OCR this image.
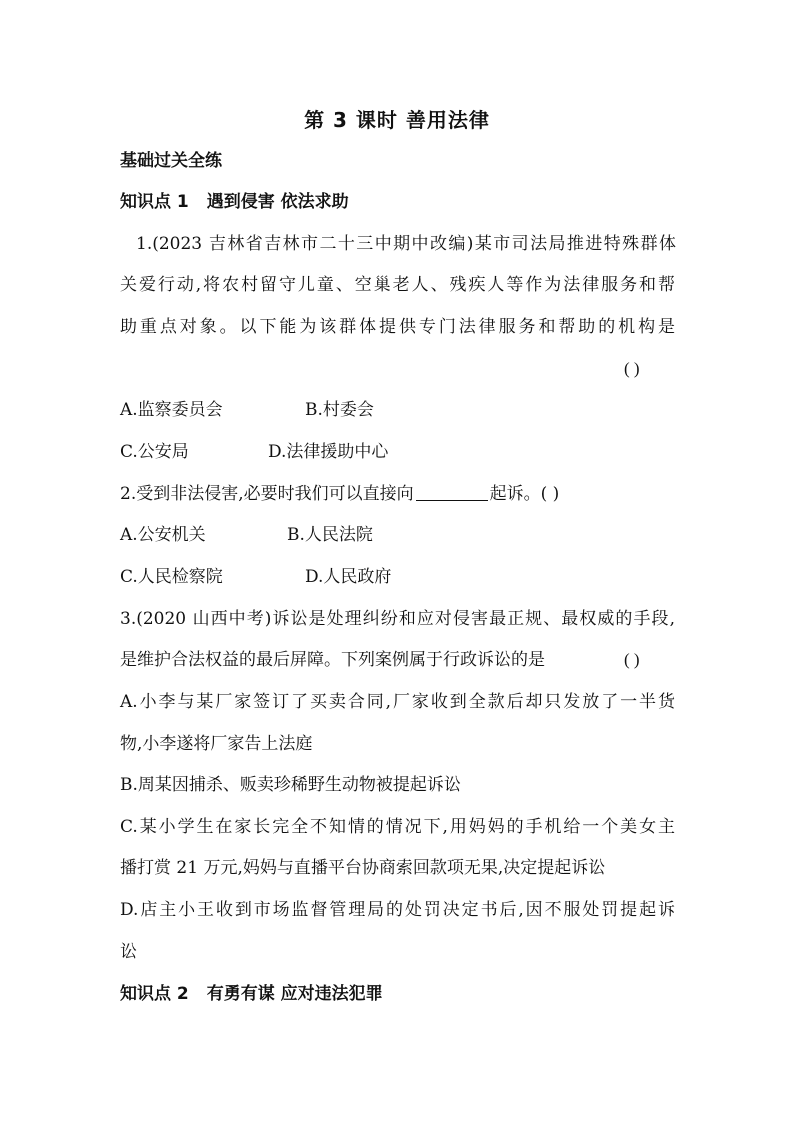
第 3 课时 善用法律
基础过关全练
知识点 1 遇到侵害 依法求助
1.(2023 吉林省吉林市二十三中期中改编)某市司法局推进特殊群体
关爱行动,将农村留守儿童、空巢老人、残疾人等作为法律服务和帮
助重点对象。以下能为该群体提供专门法律服务和帮助的机构是
( )
A.监察委员会	B.村委会
C.公安局	D.法律援助中心
2.受到非法侵害,必要时我们可以直接向	起诉。( )
A.公安机关	B.人民法院
C.人民检察院	D.人民政府
3.(2020 山西中考)诉讼是处理纠纷和应对侵害最正规、最权威的手段,
是维护合法权益的最后屏障。下列案例属于行政诉讼的是	( )
A.小李与某厂家签订了买卖合同,厂家收到全款后却只发放了一半货
物,小李遂将厂家告上法庭
B.周某因捕杀、贩卖珍稀野生动物被提起诉讼
C.某小学生在家长完全不知情的情况下,用妈妈的手机给一个美女主
播打赏 21 万元,妈妈与直播平台协商索回款项无果,决定提起诉讼
D.店主小王收到市场监督管理局的处罚决定书后,因不服处罚提起诉
讼
知识点 2 有勇有谋 应对违法犯罪
